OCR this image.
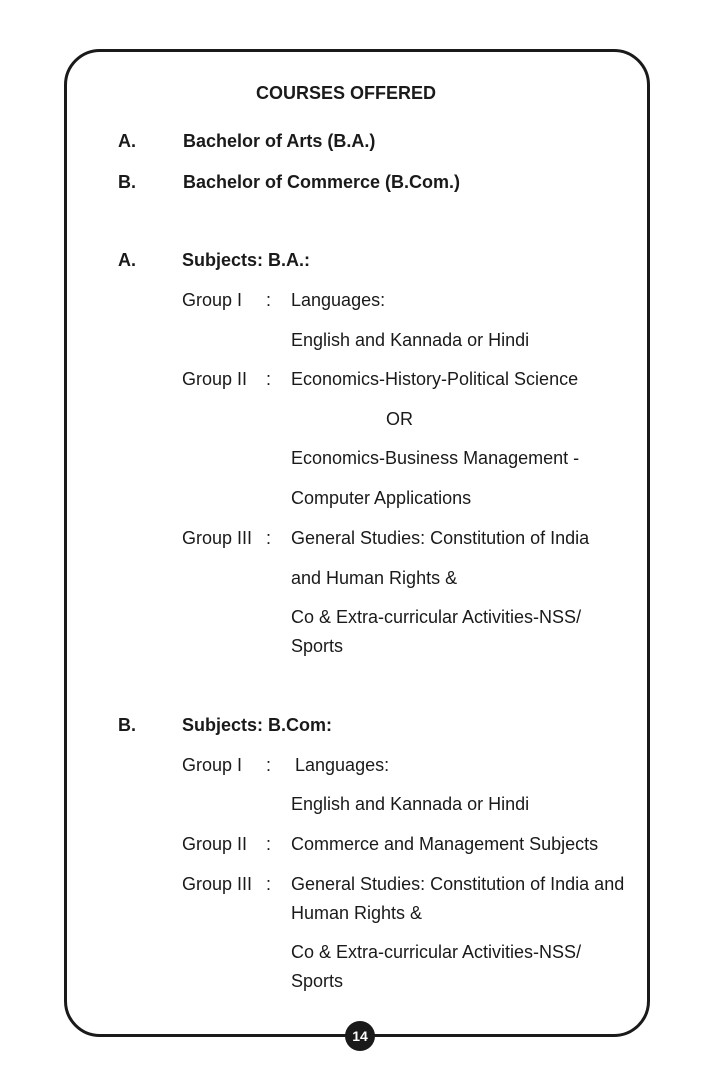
COURSES OFFERED
A.	Bachelor of Arts (B.A.)
B.	Bachelor of Commerce (B.Com.)
A.	Subjects: B.A.:
Group I : Languages:
English and Kannada or Hindi
Group II : Economics-History-Political Science
OR
Economics-Business Management -
Computer Applications
Group III : General Studies: Constitution of India
and Human Rights &
Co & Extra-curricular Activities-NSS/
Sports
B.	Subjects: B.Com:
Group I : Languages:
English and Kannada or Hindi
Group II : Commerce and Management Subjects
Group III : General Studies: Constitution of India and
Human Rights &
Co & Extra-curricular Activities-NSS/
Sports
14
